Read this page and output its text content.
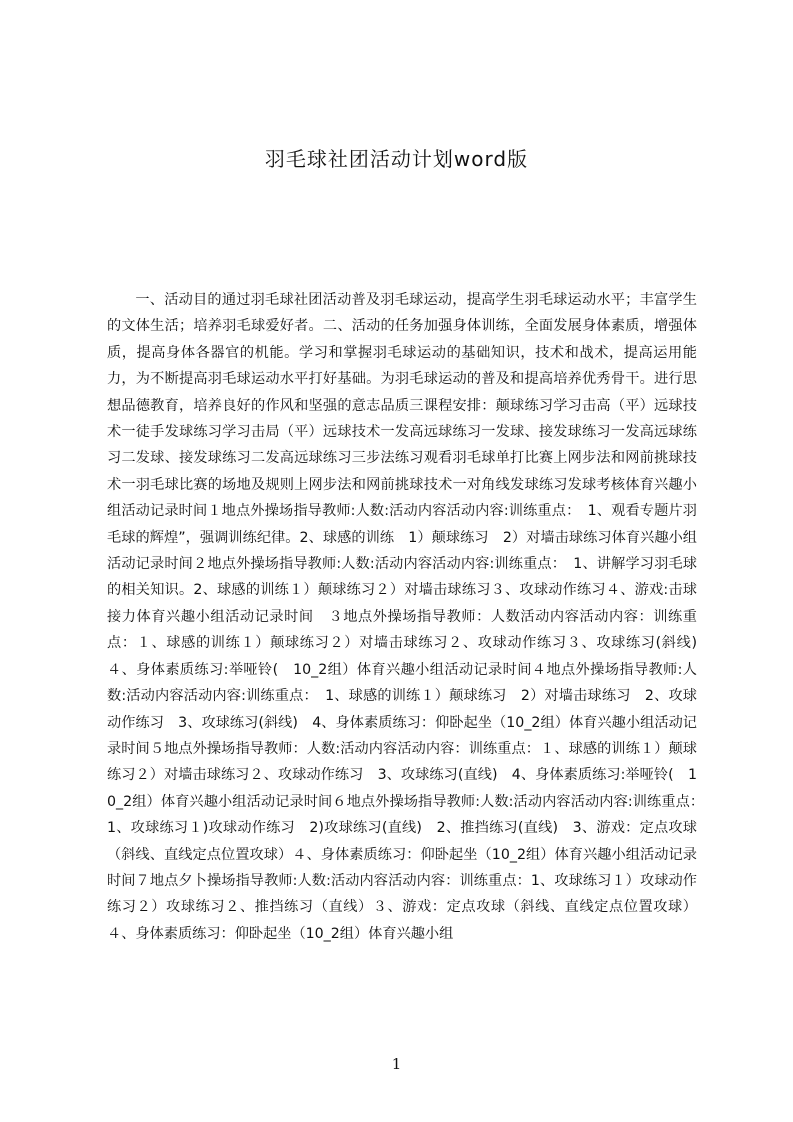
羽毛球社团活动计划word版

一、活动目的通过羽毛球社团活动普及羽毛球运动，提高学生羽毛球运动水平；丰富学生的文体生活；培养羽毛球爱好者。二、活动的任务加强身体训练，全面发展身体素质，增强体质，提高身体各器官的机能。学习和掌握羽毛球运动的基础知识，技术和战术，提高运用能力，为不断提高羽毛球运动水平打好基础。为羽毛球运动的普及和提高培养优秀骨干。进行思想品德教育，培养良好的作风和坚强的意志品质三课程安排：颠球练习学习击高（平）远球技术一徒手发球练习学习击局（平）远球技术一发高远球练习一发球、接发球练习一发高远球练习二发球、接发球练习二发高远球练习三步法练习观看羽毛球单打比赛上网步法和网前挑球技术一羽毛球比赛的场地及规则上网步法和网前挑球技术一对角线发球练习发球考核体育兴趣小组活动记录时间１地点外操场指导教师:人数:活动内容活动内容:训练重点：　1、观看专题片羽毛球的辉煌”，强调训练纪律。2、球感的训练　1）颠球练习　2）对墙击球练习体育兴趣小组活动记录时间２地点外操场指导教师:人数:活动内容活动内容:训练重点：　1、讲解学习羽毛球的相关知识。2、球感的训练１）颠球练习２）对墙击球练习３、攻球动作练习４、游戏:击球接力体育兴趣小组活动记录时间　３地点外操场指导教师：人数活动内容活动内容：训练重点：１、球感的训练１）颠球练习２）对墙击球练习２、攻球动作练习３、攻球练习(斜线)　４、身体素质练习:举哑铃(　10_2组）体育兴趣小组活动记录时间４地点外操场指导教师:人数:活动内容活动内容:训练重点：　1、球感的训练１）颠球练习　2）对墙击球练习　2、攻球动作练习　3、攻球练习(斜线)　4、身体素质练习：仰卧起坐（10_2组）体育兴趣小组活动记录时间５地点外操场指导教师：人数:活动内容活动内容：训练重点：１、球感的训练１）颠球练习２）对墙击球练习２、攻球动作练习　3、攻球练习(直线)　4、身体素质练习:举哑铃(　10_2组）体育兴趣小组活动记录时间６地点外操场指导教师:人数:活动内容活动内容:训练重点：　1、攻球练习１)攻球动作练习　2)攻球练习(直线)　2、推挡练习(直线)　3、游戏：定点攻球（斜线、直线定点位置攻球）４、身体素质练习：仰卧起坐（10_2组）体育兴趣小组活动记录时间７地点夕卜操场指导教师:人数:活动内容活动内容：训练重点：1、攻球练习１）攻球动作练习２）攻球练习２、推挡练习（直线）３、游戏：定点攻球（斜线、直线定点位置攻球）４、身体素质练习：仰卧起坐（10_2组）体育兴趣小组

1
